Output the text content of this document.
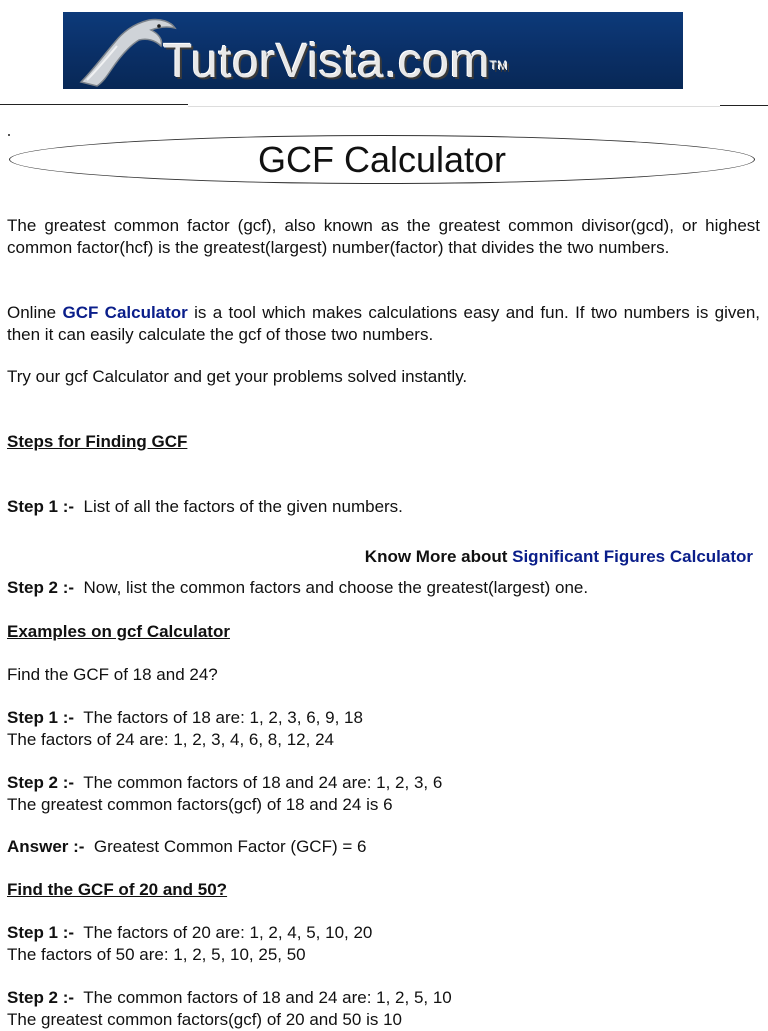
TutorVista.com™
GCF Calculator

The greatest common factor (gcf), also known as the greatest common divisor(gcd), or highest common factor(hcf) is the greatest(largest) number(factor) that divides the two numbers.

Online GCF Calculator is a tool which makes calculations easy and fun. If two numbers is given, then it can easily calculate the gcf of those two numbers.

Try our gcf Calculator and get your problems solved instantly.

Steps for Finding GCF

Step 1 :- List of all the factors of the given numbers.

Know More about Significant Figures Calculator

Step 2 :- Now, list the common factors and choose the greatest(largest) one.

Examples on gcf Calculator

Find the GCF of 18 and 24?

Step 1 :- The factors of 18 are: 1, 2, 3, 6, 9, 18
The factors of 24 are: 1, 2, 3, 4, 6, 8, 12, 24

Step 2 :- The common factors of 18 and 24 are: 1, 2, 3, 6
The greatest common factors(gcf) of 18 and 24 is 6

Answer :- Greatest Common Factor (GCF) = 6

Find the GCF of 20 and 50?

Step 1 :- The factors of 20 are: 1, 2, 4, 5, 10, 20
The factors of 50 are: 1, 2, 5, 10, 25, 50

Step 2 :- The common factors of 18 and 24 are: 1, 2, 5, 10
The greatest common factors(gcf) of 20 and 50 is 10
